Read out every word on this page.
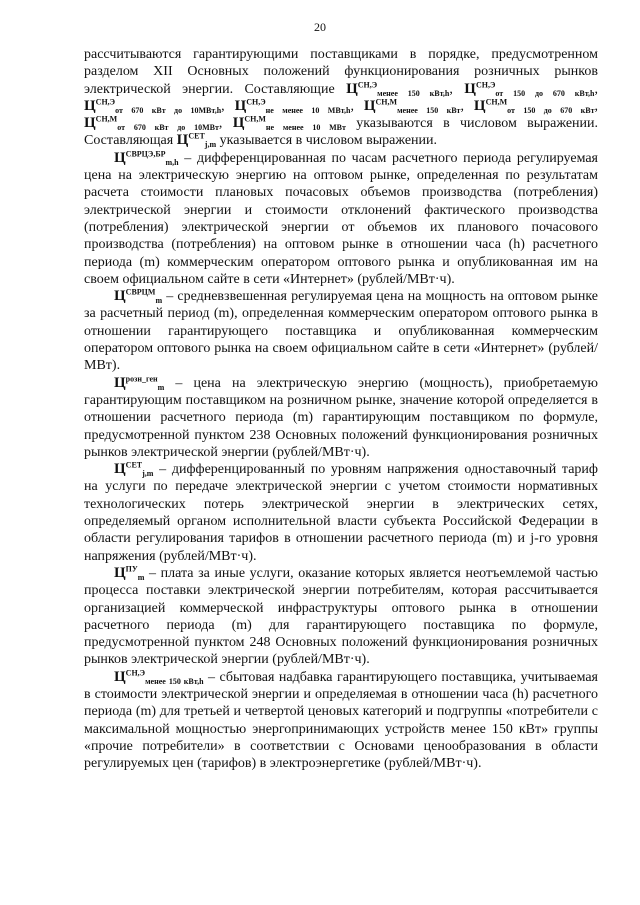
20

рассчитываются гарантирующими поставщиками в порядке, предусмотренном разделом XII Основных положений функционирования розничных рынков электрической энергии. Составляющие $Ц^{СН,Э}_{менее 150 кВт,h}$, $Ц^{СН,Э}_{от 150 до 670 кВт,h}$, $Ц^{СН,Э}_{от 670 кВт до 10МВт,h}$, $Ц^{СН,Э}_{не менее 10 МВт,h}$, $Ц^{СН,М}_{менее 150 кВт}$, $Ц^{СН,М}_{от 150 до 670 кВт}$, $Ц^{СН,М}_{от 670 кВт до 10МВт}$, $Ц^{СН,М}_{не менее 10 МВт}$ указываются в числовом выражении. Составляющая $Ц^{СЕТ}_{j,m}$ указывается в числовом выражении.

$Ц^{СВРЦЭ,БР}_{m,h}$ – дифференцированная по часам расчетного периода регулируемая цена на электрическую энергию на оптовом рынке, определенная по результатам расчета стоимости плановых почасовых объемов производства (потребления) электрической энергии и стоимости отклонений фактического производства (потребления) электрической энергии от объемов их планового почасового производства (потребления) на оптовом рынке в отношении часа (h) расчетного периода (m) коммерческим оператором оптового рынка и опубликованная им на своем официальном сайте в сети «Интернет» (рублей/МВт·ч).

$Ц^{СВРЦМ}_m$ – средневзвешенная регулируемая цена на мощность на оптовом рынке за расчетный период (m), определенная коммерческим оператором оптового рынка в отношении гарантирующего поставщика и опубликованная коммерческим оператором оптового рынка на своем официальном сайте в сети «Интернет» (рублей/МВт).

$Ц^{розн\_ген}_m$ – цена на электрическую энергию (мощность), приобретаемую гарантирующим поставщиком на розничном рынке, значение которой определяется в отношении расчетного периода (m) гарантирующим поставщиком по формуле, предусмотренной пунктом 238 Основных положений функционирования розничных рынков электрической энергии (рублей/МВт·ч).

$Ц^{СЕТ}_{j,m}$ – дифференцированный по уровням напряжения одноставочный тариф на услуги по передаче электрической энергии с учетом стоимости нормативных технологических потерь электрической энергии в электрических сетях, определяемый органом исполнительной власти субъекта Российской Федерации в области регулирования тарифов в отношении расчетного периода (m) и j-го уровня напряжения (рублей/МВт·ч).

$Ц^{ПУ}_m$ – плата за иные услуги, оказание которых является неотъемлемой частью процесса поставки электрической энергии потребителям, которая рассчитывается организацией коммерческой инфраструктуры оптового рынка в отношении расчетного периода (m) для гарантирующего поставщика по формуле, предусмотренной пунктом 248 Основных положений функционирования розничных рынков электрической энергии (рублей/МВт·ч).

$Ц^{СН,Э}_{менее 150 кВт,h}$ – сбытовая надбавка гарантирующего поставщика, учитываемая в стоимости электрической энергии и определяемая в отношении часа (h) расчетного периода (m) для третьей и четвертой ценовых категорий и подгруппы «потребители с максимальной мощностью энергопринимающих устройств менее 150 кВт» группы «прочие потребители» в соответствии с Основами ценообразования в области регулируемых цен (тарифов) в электроэнергетике (рублей/МВт·ч).
